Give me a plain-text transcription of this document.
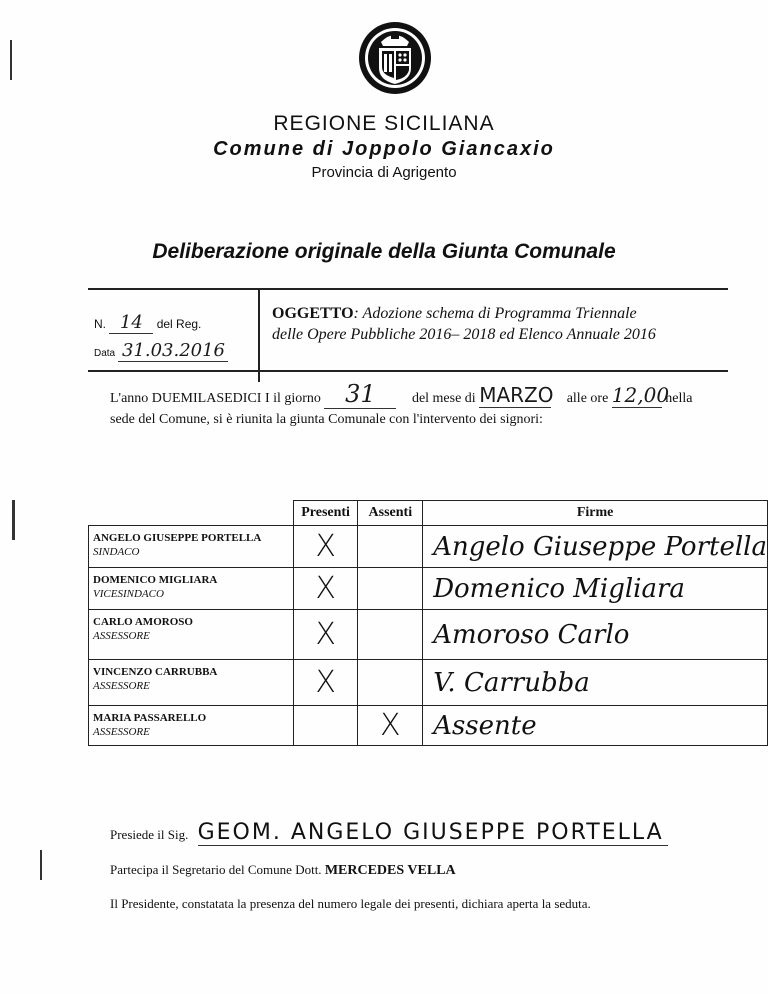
REGIONE SICILIANA
Comune di Joppolo Giancaxio
Provincia di Agrigento
Deliberazione originale della Giunta Comunale
N. 14 del Reg.
Data 31.03.2016
OGGETTO: Adozione schema di Programma Triennale
delle Opere Pubbliche 2016– 2018 ed Elenco Annuale 2016
L'anno DUEMILASEDICI I il giorno 31	del mese di MARZO alle ore 12,00 nella
sede del Comune, si è riunita la giunta Comunale con l'intervento dei signori:
	Presenti	Assenti	Firme
ANGELO GIUSEPPE PORTELLA
SINDACO	X		Angelo Giuseppe Portella
DOMENICO MIGLIARA
VICESINDACO	X		Domenico Migliara
CARLO AMOROSO
ASSESSORE	X		Amoroso Carlo
VINCENZO CARRUBBA
ASSESSORE	X		V. Carrubba
MARIA PASSARELLO
ASSESSORE		X	Assente
Presiede il Sig. GEOM. ANGELO GIUSEPPE PORTELLA
Partecipa il Segretario del Comune Dott. MERCEDES VELLA
Il Presidente, constatata la presenza del numero legale dei presenti, dichiara aperta la seduta.
